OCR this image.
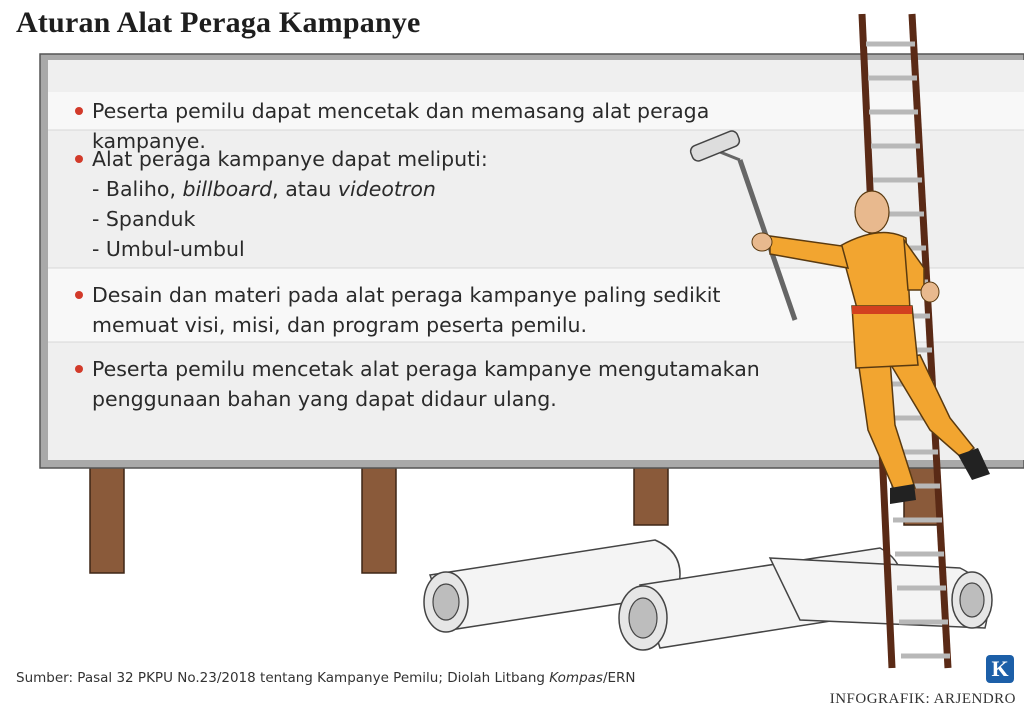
Aturan Alat Peraga Kampanye
Peserta pemilu dapat mencetak dan memasang alat peraga kampanye.
Alat peraga kampanye dapat meliputi:
- Baliho, billboard, atau videotron
- Spanduk
- Umbul-umbul
Desain dan materi pada alat peraga kampanye paling sedikit
memuat visi, misi, dan program peserta pemilu.
Peserta pemilu mencetak alat peraga kampanye mengutamakan
penggunaan bahan yang dapat didaur ulang.
Sumber: Pasal 32 PKPU No.23/2018 tentang Kampanye Pemilu; Diolah Litbang Kompas/ERN	K
INFOGRAFIK: ARJENDRO
